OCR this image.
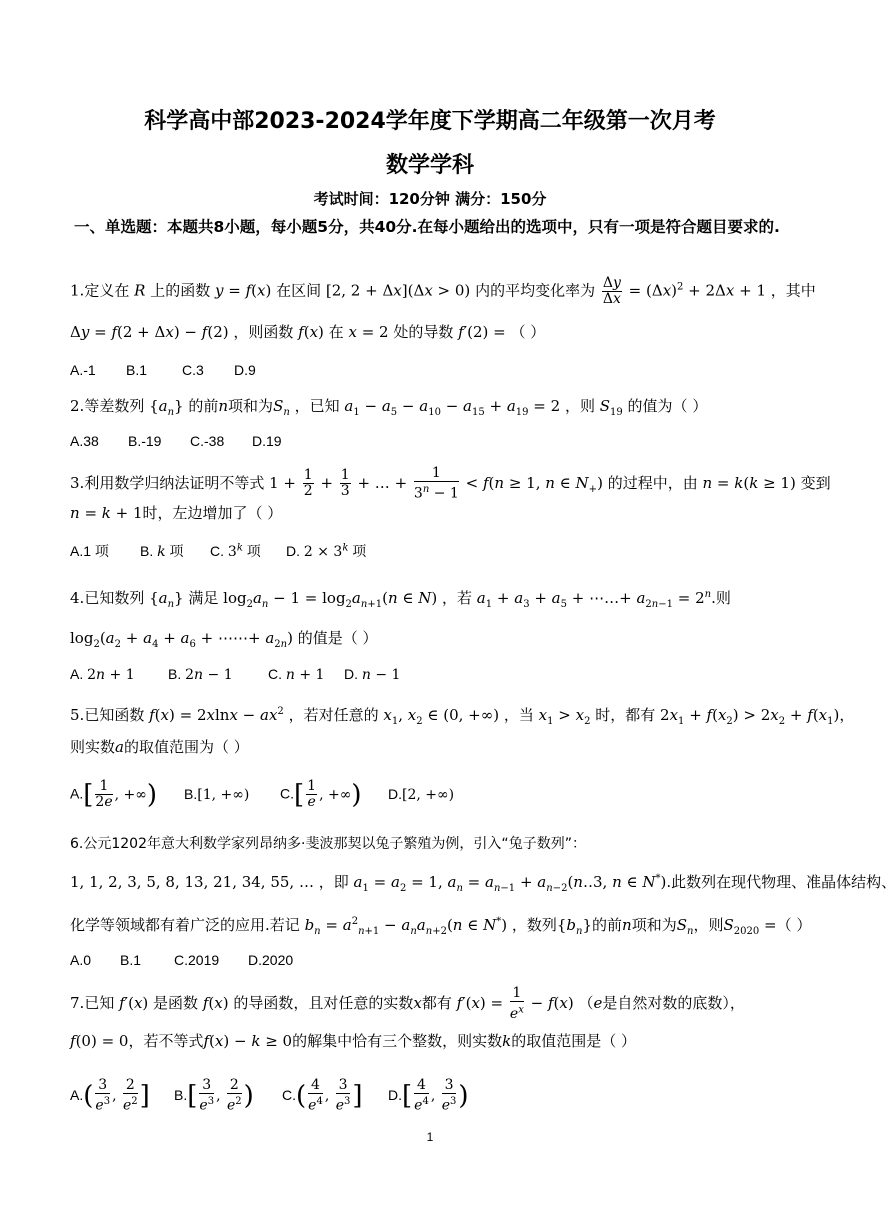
科学高中部2023-2024学年度下学期高二年级第一次月考
数学学科
考试时间：120分钟 满分：150分
一、单选题：本题共8小题，每小题5分，共40分.在每小题给出的选项中，只有一项是符合题目要求的.
1.定义在 R 上的函数 y = f(x) 在区间 [2, 2 + Δx](Δx > 0) 内的平均变化率为 $\frac{\Delta y}{\Delta x} = (\Delta x)^2 + 2\Delta x + 1$ ，其中
Δy = f(2 + Δx) − f(2) ，则函数 f(x) 在 x = 2 处的导数 f′(2) = （ ）
A.-1 B.1 C.3 D.9
2.等差数列 $\{a_n\}$ 的前n项和为$S_n$ ，已知 $a_1 - a_5 - a_{10} - a_{15} + a_{19} = 2$ ，则 $S_{19}$ 的值为（ ）
A.38 B.-19 C.-38 D.19
3.利用数学归纳法证明不等式 $1 + \frac{1}{2} + \frac{1}{3}$ + … + $\frac{1}{3^n - 1} < f(n \ge 1$, n ∈ $N_+$) 的过程中，由 n = k(k ≥ 1) 变到
n = k + 1时，左边增加了（ ）
A.1 项 B. k 项 C. 3$^k$ 项 D. $2 \times 3^k$ 项
4.已知数列 $\{a_n\}$ 满足 $\log_2a_n - 1 = \log_2a_{n+1}(n$ ∈ N) ，若 $a_1 + a_3 + a_5$ + ⋯…+ $a_{2n-1} = 2^n$.则
$\log_2(a_2 + a_4 + a_6$ + ⋯⋯+ $a_{2n}$) 的值是（ ）
A. 2n + 1 B. 2n − 1	C. n + 1 D. n − 1
5.已知函数 $f(x) = 2xlnx - ax^2$ ，若对任意的 $x_1$, $x_2$ ∈ (0, +∞) ，当 $x_1 > x_2$ 时，都有 $2x_1 + f(x_2) > 2x_2 + f(x_1)$，
则实数a的取值范围为（ ）
$A.[ \frac{1}{2e}$ , +∞) B.[1, +∞) $C.[ \frac{1}{e}$ , +∞) D.[2, +∞)
6.公元1202年意大利数学家列昂纳多·斐波那契以兔子繁殖为例，引入“兔子数列”：
1, 1, 2, 3, 5, 8, 13, 21, 34, 55, … ，即 $a_1 = a_2 = 1$, $a_n = a_{n-1}$ + $a_{n-2}(n‥3$, n ∈ N*).此数列在现代物理、准晶体结构、
化学等领域都有着广泛的应用.若记 $b_n = a^2_{n+1} - a_na_{n+2}(n$ ∈ N*) ，数列$\{b_n\}$的前n项和为$S_n$，则$S_{2020}$ =（ ）
A.0 B.1 C.2019 D.2020
7.已知 f′(x) 是函数 f(x) 的导函数，且对任意的实数x都有 $f'(x) = \frac{1}{e^x} - f(x)$ （e是自然对数的底数），
f(0) = 0，若不等式f(x) − k ≥ 0的解集中恰有三个整数，则实数k的取值范围是（ ）
$A.( \frac{3}{e^3}$ , $\frac{2}{e^2}$ ] $B.[ \frac{3}{e^3}$ , $\frac{2}{e^2}$ ) $C.( \frac{4}{e^4}$ , $\frac{3}{e^3}$ ] $D.[ \frac{4}{e^4}$ , $\frac{3}{e^3}$ )
1
